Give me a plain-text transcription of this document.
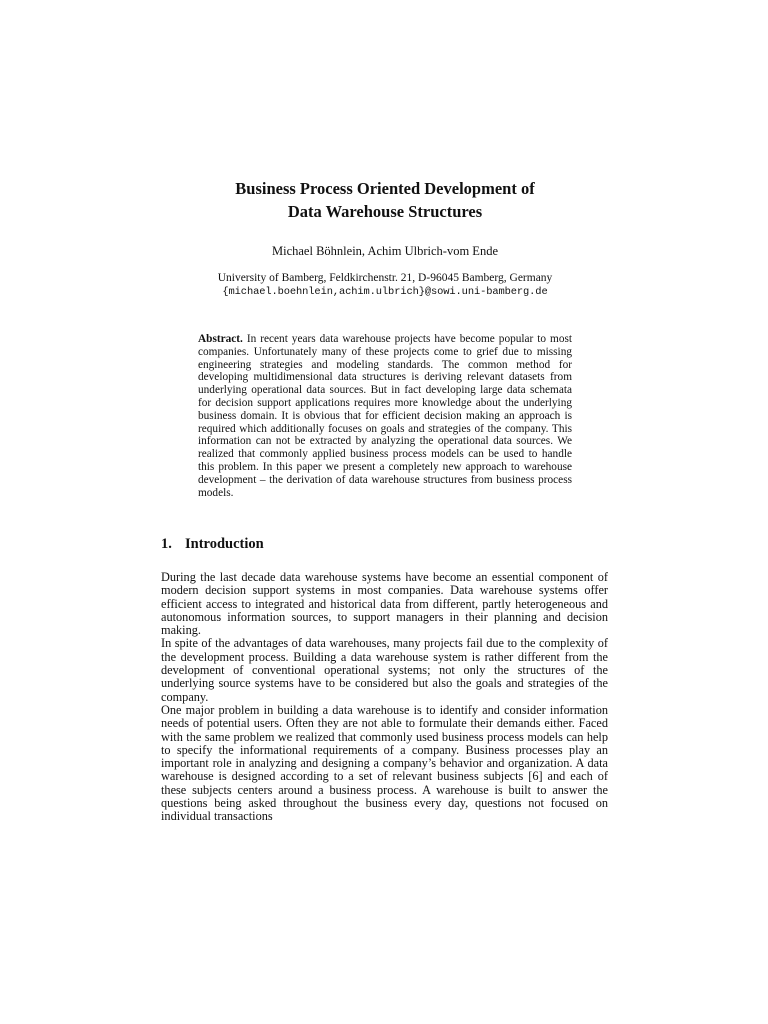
Business Process Oriented Development of
Data Warehouse Structures
Michael Böhnlein, Achim Ulbrich-vom Ende
University of Bamberg, Feldkirchenstr. 21, D-96045 Bamberg, Germany
{michael.boehnlein,achim.ulbrich}@sowi.uni-bamberg.de
Abstract. In recent years data warehouse projects have become popular to most companies. Unfortunately many of these projects come to grief due to missing engineering strategies and modeling standards. The common method for developing multidimensional data structures is deriving relevant datasets from underlying operational data sources. But in fact developing large data schemata for decision support applications requires more knowledge about the underlying business domain. It is obvious that for efficient decision making an approach is required which additionally focuses on goals and strategies of the company. This information can not be extracted by analyzing the operational data sources. We realized that commonly applied business process models can be used to handle this problem. In this paper we present a completely new approach to warehouse development – the derivation of data warehouse structures from business process models.
1. Introduction

During the last decade data warehouse systems have become an essential component of modern decision support systems in most companies. Data warehouse systems offer efficient access to integrated and historical data from different, partly heterogeneous and autonomous information sources, to support managers in their planning and decision making.

In spite of the advantages of data warehouses, many projects fail due to the complexity of the development process. Building a data warehouse system is rather different from the development of conventional operational systems; not only the structures of the underlying source systems have to be considered but also the goals and strategies of the company.

One major problem in building a data warehouse is to identify and consider information needs of potential users. Often they are not able to formulate their demands either. Faced with the same problem we realized that commonly used business process models can help to specify the informational requirements of a company. Business processes play an important role in analyzing and designing a company’s behavior and organization. A data warehouse is designed according to a set of relevant business subjects [6] and each of these subjects centers around a business process. A warehouse is built to answer the questions being asked throughout the business every day, questions not focused on individual transactions
